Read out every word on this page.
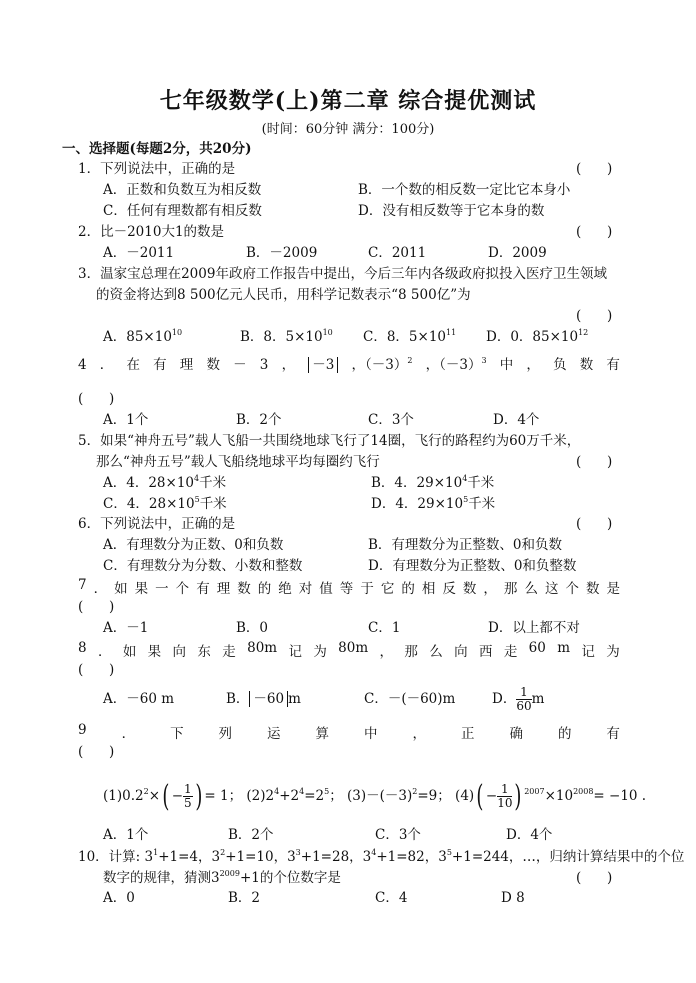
七年级数学(上)第二章 综合提优测试
(时间：60分钟 满分：100分)
一、选择题(每题2分，共20分)
1．下列说法中，正确的是	(      )
A．正数和负数互为相反数	B．一个数的相反数一定比它本身小
C．任何有理数都有相反数	D．没有相反数等于它本身的数
2．比－2010大1的数是	(      )
A．－2011	B．－2009	C．2011	D．2009
3．温家宝总理在2009年政府工作报告中提出，今后三年内各级政府拟投入医疗卫生领域
的资金将达到8 500亿元人民币，用科学记数表示“8 500亿”为
(      )
A．$85\times 10^{10}$	B．8．$5\times 10^{10}$ C．8．$5\times 10^{11}$ D．0．$85\times 10^{12}$
4 ． 在 有 理 数 － 3 ， －3 ，$(-3)^2$ ，$(-3)^3$ 中 ， 负 数 有
(      )
A．1个	B．2个	C．3个	D．4个
5．如果“神舟五号”载人飞船一共围绕地球飞行了14圈，飞行的路程约为60万千米，
那么“神舟五号”载人飞船绕地球平均每圈约飞行	(      )
A．4．$28\times 10^4$千米	B．4．$29\times 10^4$千米
C．4．$28\times 10^5$千米	D．4．$29\times 10^5$千米
6．下列说法中，正确的是	(      )
A．有理数分为正数、0和负数	B．有理数分为正整数、0和负数
C．有理数分为分数、小数和整数	D．有理数分为正整数、0和负整数
7 ． 如 果 一 个 有 理 数 的 绝 对 值 等 于 它 的 相 反 数 ， 那 么 这 个 数 是
(      )
A．－1	B．0	C．1	D．以上都不对
8 ． 如 果 向 东 走 80m 记 为 80m ， 那 么 向 西 走 60 m 记 为
(      )
A．－60 m	B． －60 m	C．－(－60)m	D． $\frac{1}{60}$ m
9	．	下	列	运	算	中	，	正	确	的	有
(      )
$(1)0.2^2\times( - \frac{1}{5}$ ) = 1； $(2)2^4+2^4=2^5$； $(3)-(-3)^2=9$； $(4)( - \frac{1}{10}$ ) $^{2007}\times 10^{2008}= -10$ .
A．1个	B．2个	C．3个	D．4个
10．计算: $3^1+1=4$，$3^2+1=10$，$3^3+1=28$，$3^4+1=82$，$3^5+1=244$，…，归纳计算结果中的个位
数字的规律，猜测$3^{2009}+1$的个位数字是	(      )
A．0	B．2	C．4	D 8
